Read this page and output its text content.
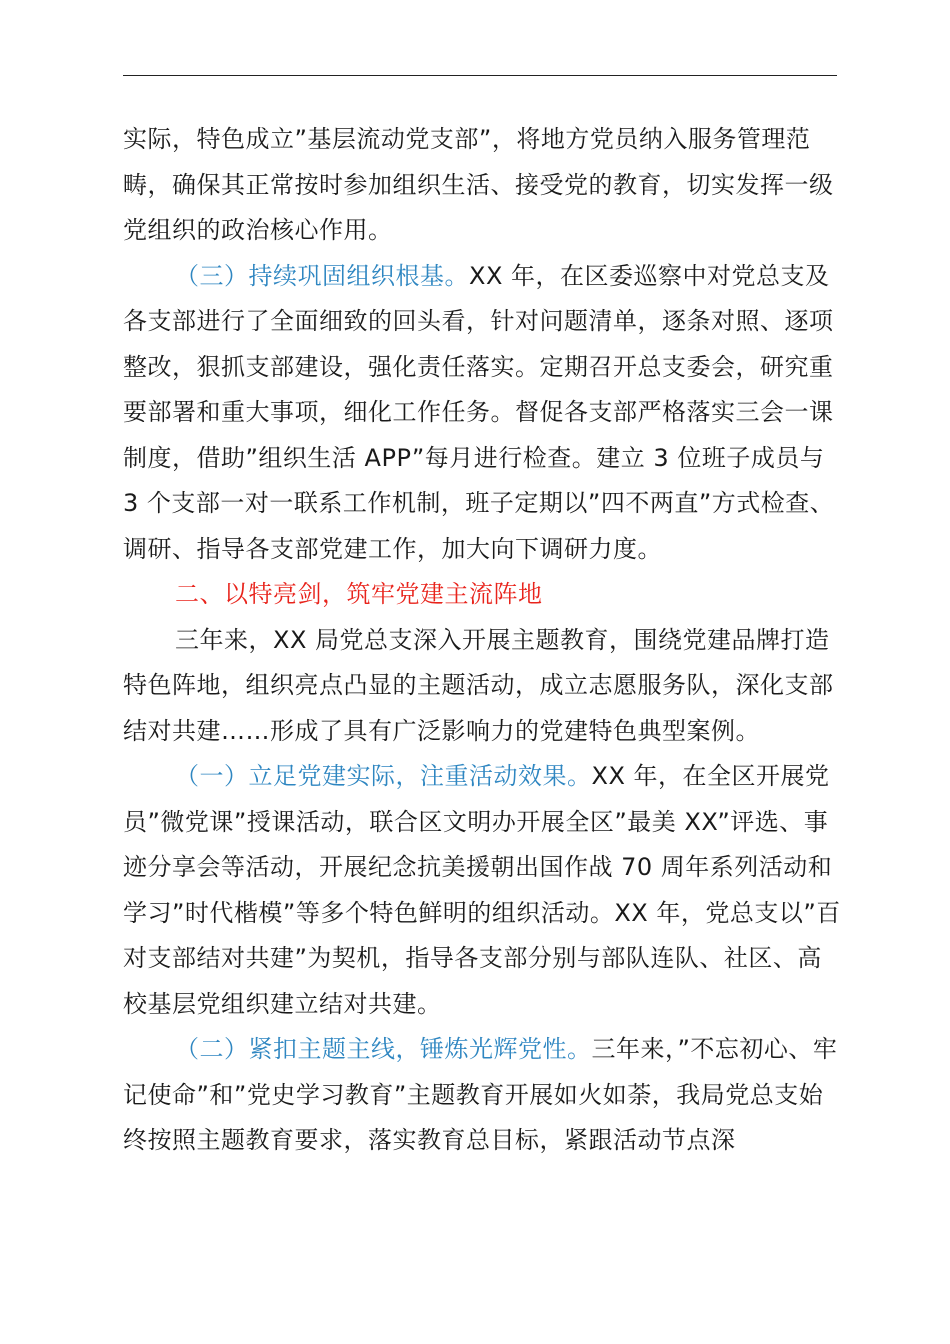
实际，特色成立”基层流动党支部”，将地方党员纳入服务管理范畴，确保其正常按时参加组织生活、接受党的教育，切实发挥一级党组织的政治核心作用。

（三）持续巩固组织根基。XX 年，在区委巡察中对党总支及各支部进行了全面细致的回头看，针对问题清单，逐条对照、逐项整改，狠抓支部建设，强化责任落实。定期召开总支委会，研究重要部署和重大事项，细化工作任务。督促各支部严格落实三会一课制度，借助”组织生活 APP”每月进行检查。建立 3 位班子成员与 3 个支部一对一联系工作机制，班子定期以”四不两直”方式检查、调研、指导各支部党建工作，加大向下调研力度。

二、以特亮剑，筑牢党建主流阵地

三年来，XX 局党总支深入开展主题教育，围绕党建品牌打造特色阵地，组织亮点凸显的主题活动，成立志愿服务队，深化支部结对共建……形成了具有广泛影响力的党建特色典型案例。

（一）立足党建实际，注重活动效果。XX 年，在全区开展党员”微党课”授课活动，联合区文明办开展全区”最美 XX”评选、事迹分享会等活动，开展纪念抗美援朝出国作战 70 周年系列活动和学习”时代楷模”等多个特色鲜明的组织活动。XX 年，党总支以”百对支部结对共建”为契机，指导各支部分别与部队连队、社区、高校基层党组织建立结对共建。

（二）紧扣主题主线，锤炼光辉党性。三年来，”不忘初心、牢记使命”和”党史学习教育”主题教育开展如火如荼，我局党总支始终按照主题教育要求，落实教育总目标，紧跟活动节点深
